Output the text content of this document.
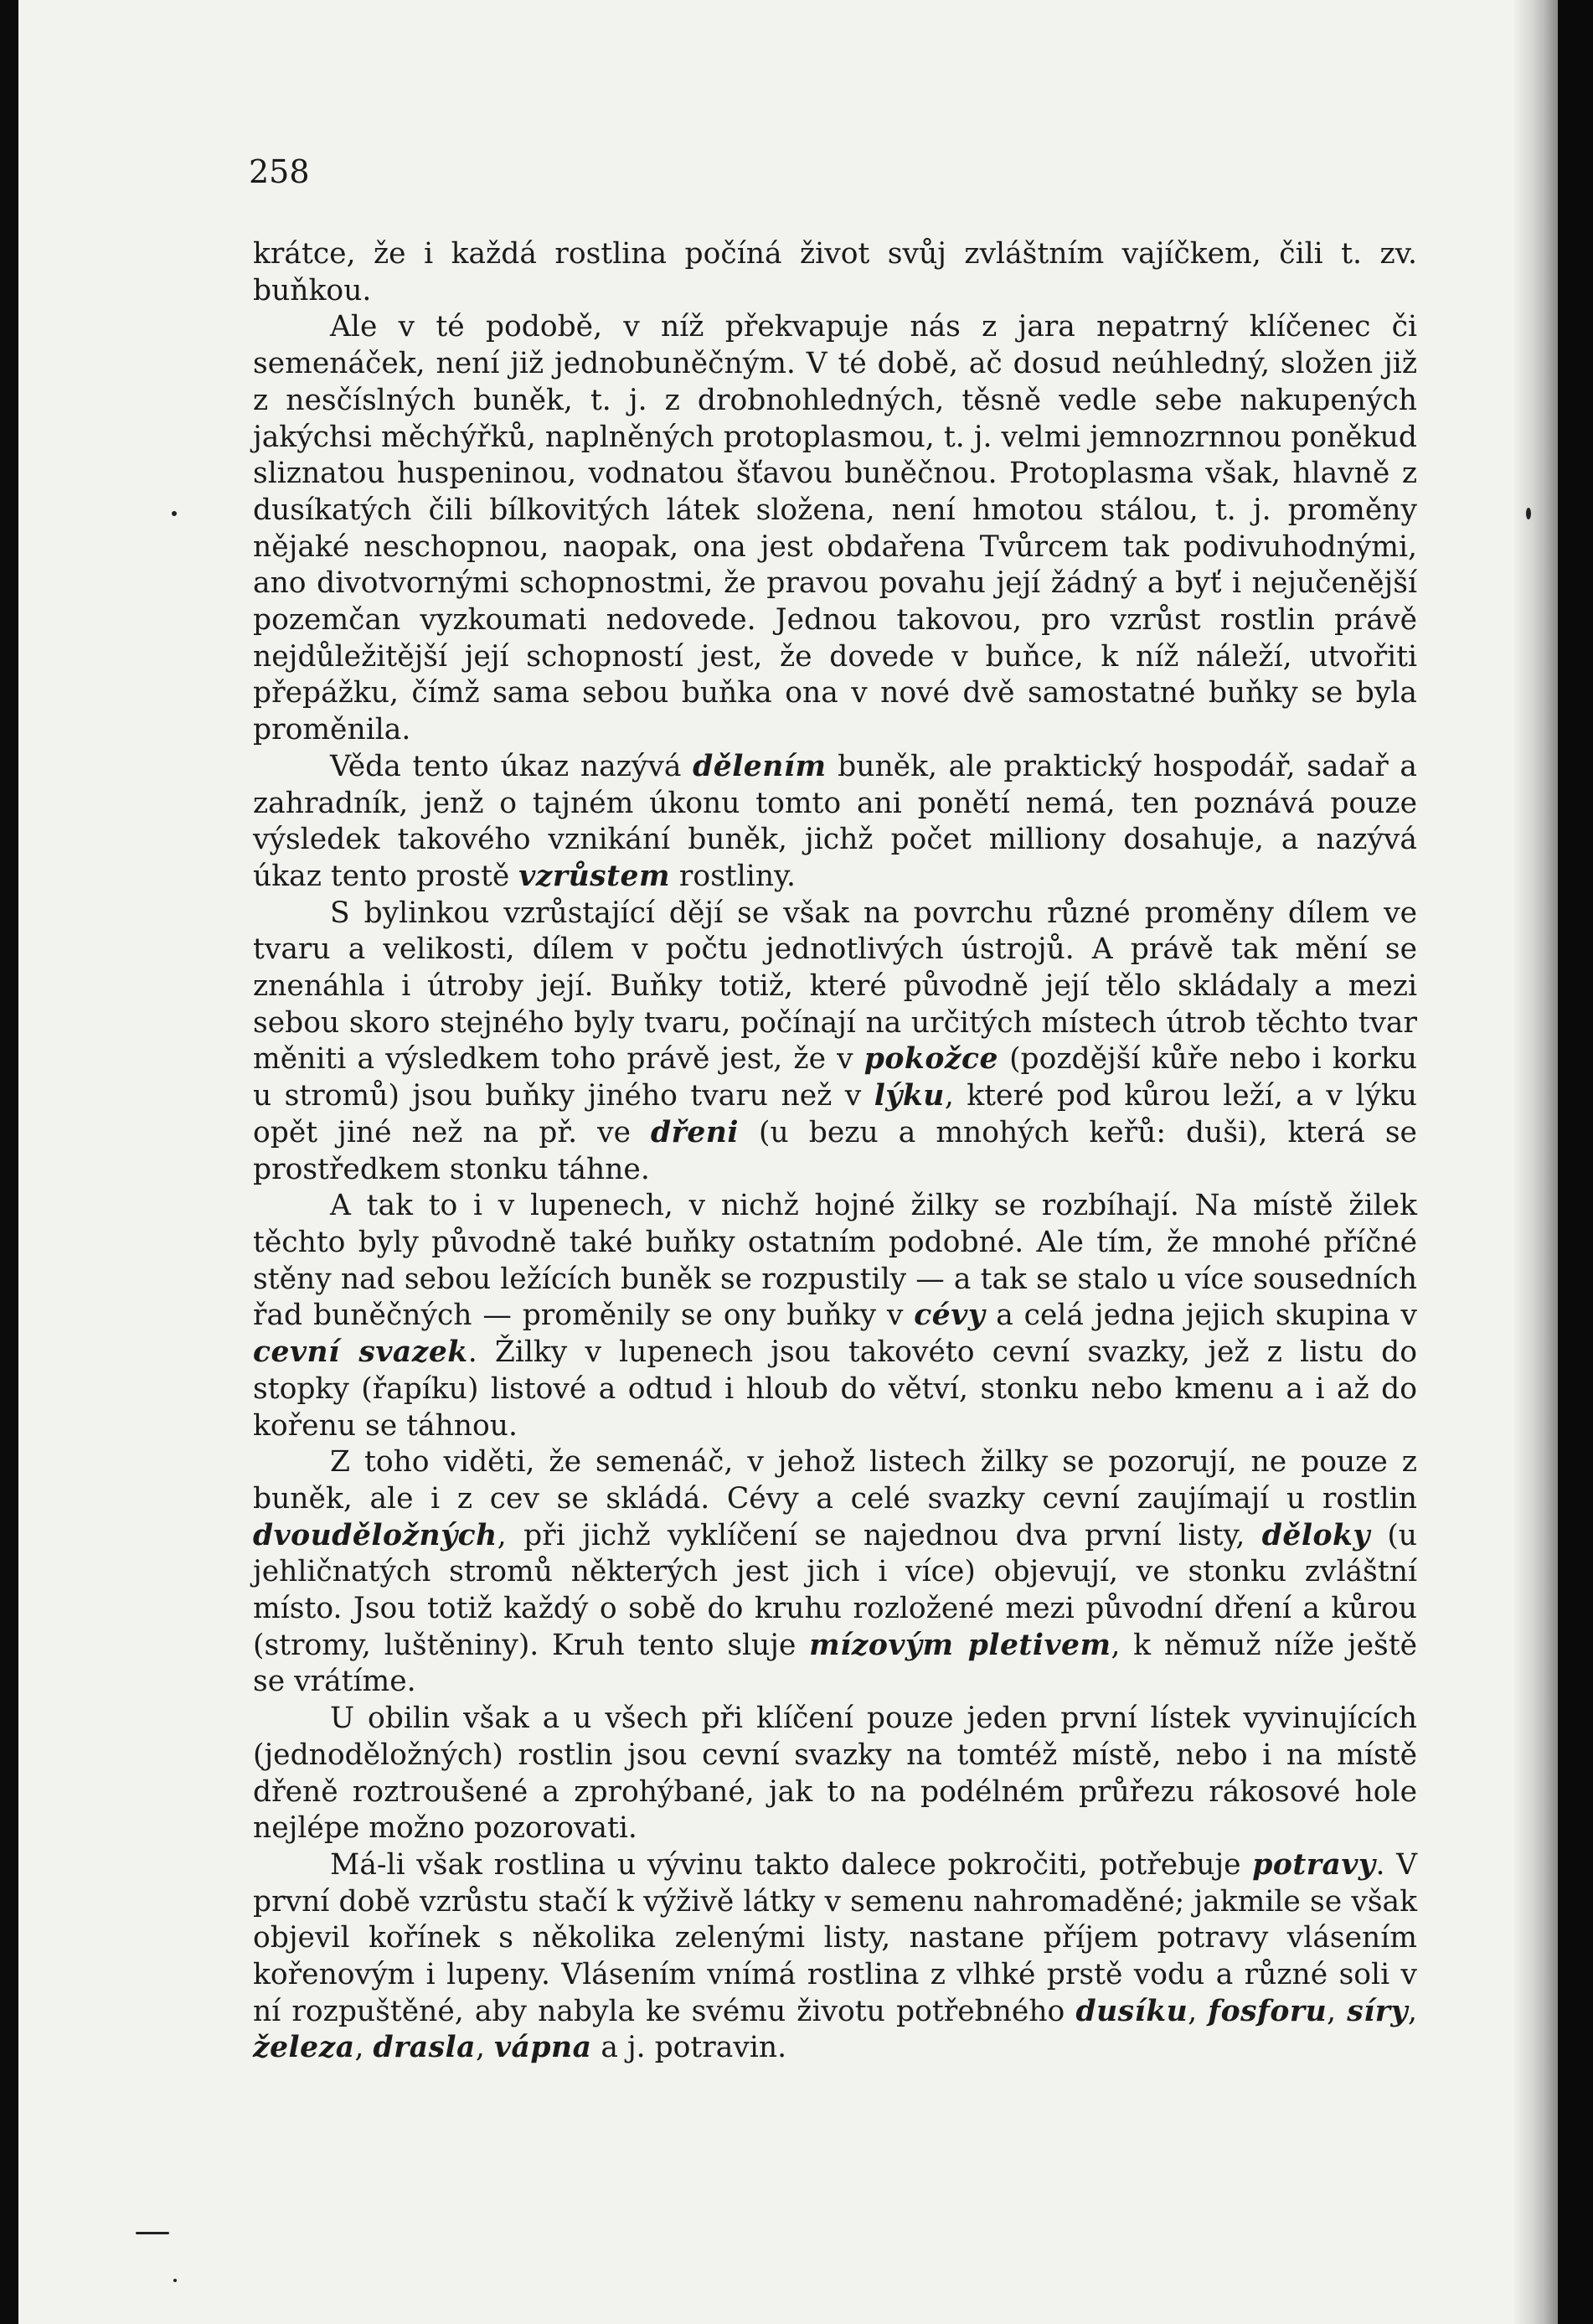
258

krátce, že i každá rostlina počíná život svůj zvláštním vajíčkem, čili t. zv. buňkou.

Ale v té podobě, v níž překvapuje nás z jara nepatrný klíčenec či semenáček, není již jednobuněčným. V té době, ač dosud neúhledný, složen již z nesčíslných buněk, t. j. z drobnohledných, těsně vedle sebe nakupených jakýchsi měchýřků, naplněných protoplasmou, t. j. velmi jemnozrnnou poněkud sliznatou huspeninou, vodnatou šťavou buněčnou. Protoplasma však, hlavně z dusíkatých čili bílkovitých látek složena, není hmotou stálou, t. j. proměny nějaké neschopnou, naopak, ona jest obdařena Tvůrcem tak podivuhodnými, ano divotvornými schopnostmi, že pravou povahu její žádný a byť i nejučenější pozemčan vyzkoumati nedovede. Jednou takovou, pro vzrůst rostlin právě nejdůležitější její schopností jest, že dovede v buňce, k níž náleží, utvořiti přepážku, čímž sama sebou buňka ona v nové dvě samostatné buňky se byla proměnila.

Věda tento úkaz nazývá dělením buněk, ale praktický hospodář, sadař a zahradník, jenž o tajném úkonu tomto ani ponětí nemá, ten poznává pouze výsledek takového vznikání buněk, jichž počet milliony dosahuje, a nazývá úkaz tento prostě vzrůstem rostliny.

S bylinkou vzrůstající dějí se však na povrchu různé proměny dílem ve tvaru a velikosti, dílem v počtu jednotlivých ústrojů. A právě tak mění se znenáhla i útroby její. Buňky totiž, které původně její tělo skládaly a mezi sebou skoro stejného byly tvaru, počínají na určitých místech útrob těchto tvar měniti a výsledkem toho právě jest, že v pokožce (pozdější kůře nebo i korku u stromů) jsou buňky jiného tvaru než v lýku, které pod kůrou leží, a v lýku opět jiné než na př. ve dřeni (u bezu a mnohých keřů: duši), která se prostředkem stonku táhne.

A tak to i v lupenech, v nichž hojné žilky se rozbíhají. Na místě žilek těchto byly původně také buňky ostatním podobné. Ale tím, že mnohé příčné stěny nad sebou ležících buněk se rozpustily — a tak se stalo u více sousedních řad buněčných — proměnily se ony buňky v cévy a celá jedna jejich skupina v cevní svazek. Žilky v lupenech jsou takovéto cevní svazky, jež z listu do stopky (řapíku) listové a odtud i hloub do větví, stonku nebo kmenu a i až do kořenu se táhnou.

Z toho viděti, že semenáč, v jehož listech žilky se pozorují, ne pouze z buněk, ale i z cev se skládá. Cévy a celé svazky cevní zaujímají u rostlin dvouděložných, při jichž vyklíčení se najednou dva první listy, děloky (u jehličnatých stromů některých jest jich i více) objevují, ve stonku zvláštní místo. Jsou totiž každý o sobě do kruhu rozložené mezi původní dření a kůrou (stromy, luštěniny). Kruh tento sluje mízovým pletivem, k němuž níže ještě se vrátíme.

U obilin však a u všech při klíčení pouze jeden první lístek vyvinujících (jednoděložných) rostlin jsou cevní svazky na tomtéž místě, nebo i na místě dřeně roztroušené a zprohýbané, jak to na podélném průřezu rákosové hole nejlépe možno pozorovati.

Má-li však rostlina u vývinu takto dalece pokročiti, potřebuje potravy. V první době vzrůstu stačí k výživě látky v semenu nahromaděné; jakmile se však objevil kořínek s několika zelenými listy, nastane příjem potravy vlásením kořenovým i lupeny. Vlásením vnímá rostlina z vlhké prstě vodu a různé soli v ní rozpuštěné, aby nabyla ke svému životu potřebného dusíku, fosforu, síry, železa, drasla, vápna a j. potravin.
